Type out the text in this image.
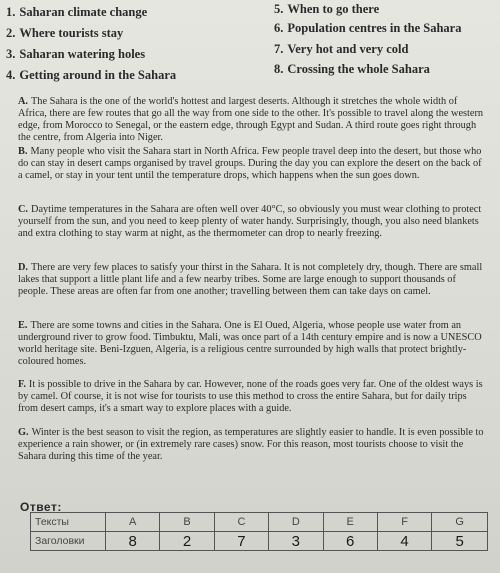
1. Saharan climate change
2. Where tourists stay
3. Saharan watering holes
4. Getting around in the Sahara
5. When to go there
6. Population centres in the Sahara
7. Very hot and very cold
8. Crossing the whole Sahara
A. The Sahara is the one of the world's hottest and largest deserts. Although it stretches the whole width of Africa, there are few routes that go all the way from one side to the other. It's possible to travel along the western edge, from Morocco to Senegal, or the eastern edge, through Egypt and Sudan. A third route goes right through the centre, from Algeria into Niger.
B. Many people who visit the Sahara start in North Africa. Few people travel deep into the desert, but those who do can stay in desert camps organised by travel groups. During the day you can explore the desert on the back of a camel, or stay in your tent until the temperature drops, which happens when the sun goes down.
C. Daytime temperatures in the Sahara are often well over 40°C, so obviously you must wear clothing to protect yourself from the sun, and you need to keep plenty of water handy. Surprisingly, though, you also need blankets and extra clothing to stay warm at night, as the thermometer can drop to nearly freezing.
D. There are very few places to satisfy your thirst in the Sahara. It is not completely dry, though. There are small lakes that support a little plant life and a few nearby tribes. Some are large enough to support thousands of people. These areas are often far from one another; travelling between them can take days on camel.
E. There are some towns and cities in the Sahara. One is El Oued, Algeria, whose people use water from an underground river to grow food. Timbuktu, Mali, was once part of a 14th century empire and is now a UNESCO world heritage site. Beni-Izguen, Algeria, is a religious centre surrounded by high walls that protect brightly-coloured homes.
F. It is possible to drive in the Sahara by car. However, none of the roads goes very far. One of the oldest ways is by camel. Of course, it is not wise for tourists to use this method to cross the entire Sahara, but for daily trips from desert camps, it's a smart way to explore places with a guide.
G. Winter is the best season to visit the region, as temperatures are slightly easier to handle. It is even possible to experience a rain shower, or (in extremely rare cases) snow. For this reason, most tourists choose to visit the Sahara during this time of the year.
Ответ:
Тексты	A	B	C	D	E	F	G
Заголовки	8	2	7	3	6	4	5
